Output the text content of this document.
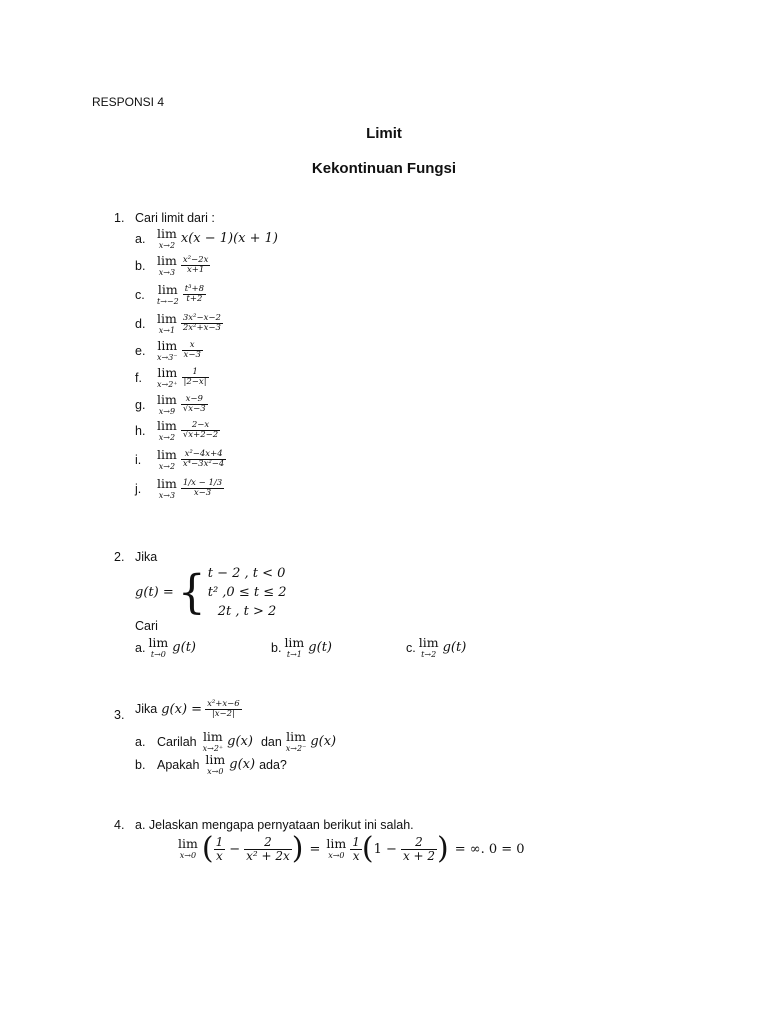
RESPONSI 4
Limit
Kekontinuan Fungsi
1. Cari limit dari :
a. lim
x→2 x(x − 1)(x + 1)
b. lim
$x\to 3 \frac{\text{x²−2x}}{x+1}$
c.	lim
$t\to-2 \frac{\text{t³+8}}{t+2}$
d. lim
$x\to 1 \frac{\text{3x²−x−2}}{\text{2x²+x−3}}$
e. lim
$x\to 3^- \frac{x}{x-3}$
f.	lim
$x\to 2^+ \frac{1}{|2-x|}$
g. lim
$x\to 9 \frac{x-9}{√x-3}$
h. lim
$x\to 2 \frac{2-x}{√x+2-2}$
i.	lim
$x\to 2 \frac{\text{x²−4x+4}}{\text{x⁴−3x²−4}}$
j.	lim
$x\to 3 \frac{1/x - 1/3}{x-3}$
2. Jika
g(t) = { t − 2 , t < 0
t² ,0 ≤ t ≤ 2
2t , t > 2
Cari
a. lim
t→0 g(t)	b. lim
t→1 g(t)	c. lim
t→2 g(t)
3. Jika $g(x) = \frac{\text{x²+x−6}}{|x-2|}$
a. Carilah lim
x→2⁺ g(x) dan lim
x→2⁻ g(x)
b. Apakah lim
x→0 g(x) ada?
4. a. Jelaskan mengapa pernyataan berikut ini salah.
lim
x→0 ( $\frac{1}{x} - \frac{2}{\text{x² + 2x}}$ ) = lim
$x\to 0 \frac{1}{x}$ ( $1 - \frac{2}{x + 2}$ ) = ∞. 0 = 0
